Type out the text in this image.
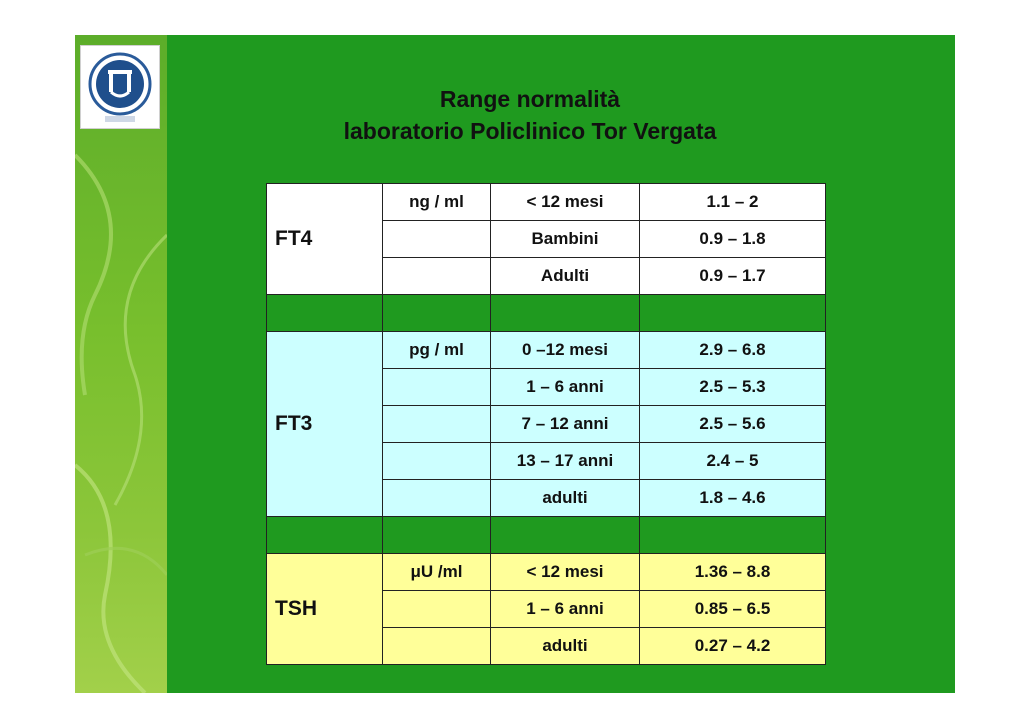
Range normalità
laboratorio Policlinico Tor Vergata
	ng / ml	< 12 mesi	1.1 – 2
FT4		Bambini	0.9 – 1.8
		Adulti	0.9 – 1.7

	pg / ml	0 –12 mesi	2.9 – 6.8
		1 – 6 anni	2.5 – 5.3
FT3		7 – 12 anni	2.5 – 5.6
		13 – 17 anni	2.4 – 5
		adulti	1.8 – 4.6

	μU /ml	< 12 mesi	1.36 – 8.8
TSH		1 – 6 anni	0.85 – 6.5
		adulti	0.27 – 4.2
